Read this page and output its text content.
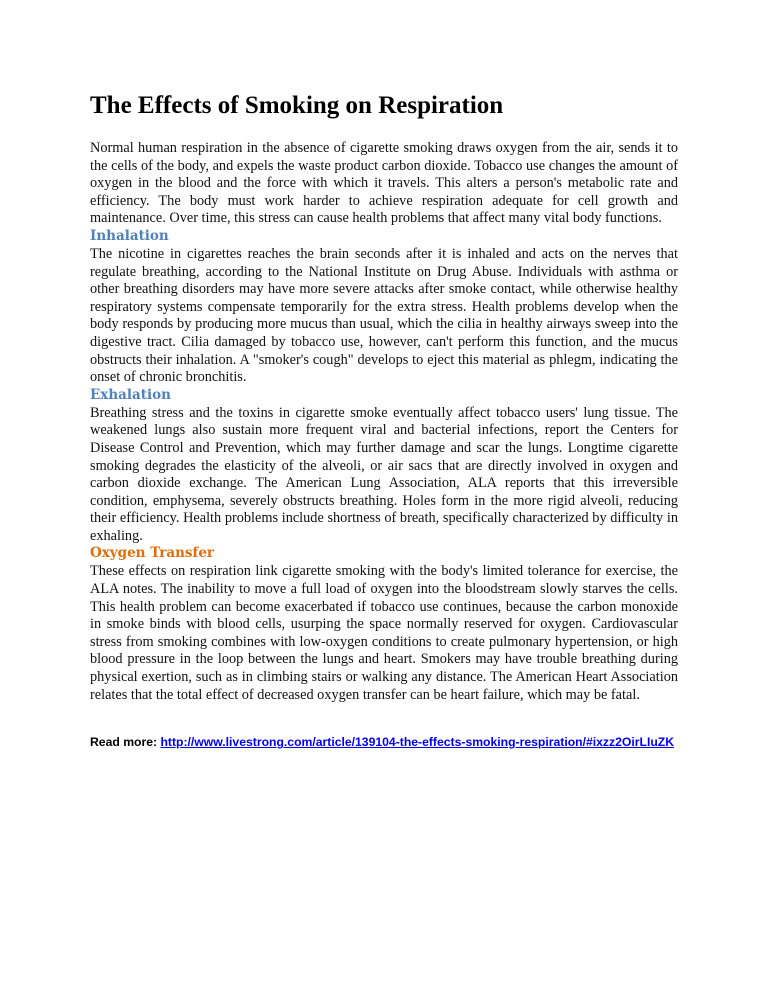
The Effects of Smoking on Respiration

Normal human respiration in the absence of cigarette smoking draws oxygen from the air, sends it to the cells of the body, and expels the waste product carbon dioxide. Tobacco use changes the amount of oxygen in the blood and the force with which it travels. This alters a person's metabolic rate and efficiency. The body must work harder to achieve respiration adequate for cell growth and maintenance. Over time, this stress can cause health problems that affect many vital body functions.

Inhalation

The nicotine in cigarettes reaches the brain seconds after it is inhaled and acts on the nerves that regulate breathing, according to the National Institute on Drug Abuse. Individuals with asthma or other breathing disorders may have more severe attacks after smoke contact, while otherwise healthy respiratory systems compensate temporarily for the extra stress. Health problems develop when the body responds by producing more mucus than usual, which the cilia in healthy airways sweep into the digestive tract. Cilia damaged by tobacco use, however, can't perform this function, and the mucus obstructs their inhalation. A "smoker's cough" develops to eject this material as phlegm, indicating the onset of chronic bronchitis.

Exhalation

Breathing stress and the toxins in cigarette smoke eventually affect tobacco users' lung tissue. The weakened lungs also sustain more frequent viral and bacterial infections, report the Centers for Disease Control and Prevention, which may further damage and scar the lungs. Longtime cigarette smoking degrades the elasticity of the alveoli, or air sacs that are directly involved in oxygen and carbon dioxide exchange. The American Lung Association, ALA reports that this irreversible condition, emphysema, severely obstructs breathing. Holes form in the more rigid alveoli, reducing their efficiency. Health problems include shortness of breath, specifically characterized by difficulty in exhaling.

Oxygen Transfer

These effects on respiration link cigarette smoking with the body's limited tolerance for exercise, the ALA notes. The inability to move a full load of oxygen into the bloodstream slowly starves the cells. This health problem can become exacerbated if tobacco use continues, because the carbon monoxide in smoke binds with blood cells, usurping the space normally reserved for oxygen. Cardiovascular stress from smoking combines with low-oxygen conditions to create pulmonary hypertension, or high blood pressure in the loop between the lungs and heart. Smokers may have trouble breathing during physical exertion, such as in climbing stairs or walking any distance. The American Heart Association relates that the total effect of decreased oxygen transfer can be heart failure, which may be fatal.

Read more: http://www.livestrong.com/article/139104-the-effects-smoking-respiration/#ixzz2OirLIuZK
